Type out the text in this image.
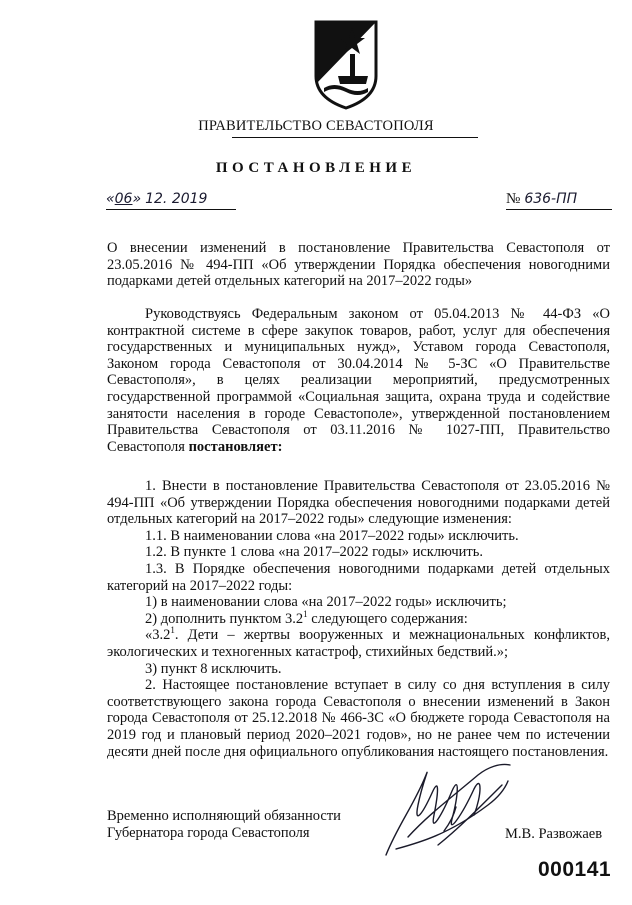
ПРАВИТЕЛЬСТВО СЕВАСТОПОЛЯ
ПОСТАНОВЛЕНИЕ
«06» 12. 2019	№ 636-ПП

О внесении изменений в постановление Правительства Севастополя от 23.05.2016 № 494-ПП «Об утверждении Порядка обеспечения новогодними подарками детей отдельных категорий на 2017–2022 годы»

Руководствуясь Федеральным законом от 05.04.2013 № 44-ФЗ «О контрактной системе в сфере закупок товаров, работ, услуг для обеспечения государственных и муниципальных нужд», Уставом города Севастополя, Законом города Севастополя от 30.04.2014 № 5-ЗС «О Правительстве Севастополя», в целях реализации мероприятий, предусмотренных государственной программой «Социальная защита, охрана труда и содействие занятости населения в городе Севастополе», утвержденной постановлением Правительства Севастополя от 03.11.2016 № 1027-ПП, Правительство Севастополя постановляет:

1. Внести в постановление Правительства Севастополя от 23.05.2016 № 494-ПП «Об утверждении Порядка обеспечения новогодними подарками детей отдельных категорий на 2017–2022 годы» следующие изменения:

1.1. В наименовании слова «на 2017–2022 годы» исключить.

1.2. В пункте 1 слова «на 2017–2022 годы» исключить.

1.3. В Порядке обеспечения новогодними подарками детей отдельных категорий на 2017–2022 годы:

1) в наименовании слова «на 2017–2022 годы» исключить;

2) дополнить пунктом $3.2^1$ следующего содержания:

«$3.2^1$. Дети – жертвы вооруженных и межнациональных конфликтов, экологических и техногенных катастроф, стихийных бедствий.»;

3) пункт 8 исключить.

2. Настоящее постановление вступает в силу со дня вступления в силу соответствующего закона города Севастополя о внесении изменений в Закон города Севастополя от 25.12.2018 № 466-ЗС «О бюджете города Севастополя на 2019 год и плановый период 2020–2021 годов», но не ранее чем по истечении десяти дней после дня официального опубликования настоящего постановления.

Временно исполняющий обязанности
Губернатора города Севастополя	М.В. Развожаев
000141
